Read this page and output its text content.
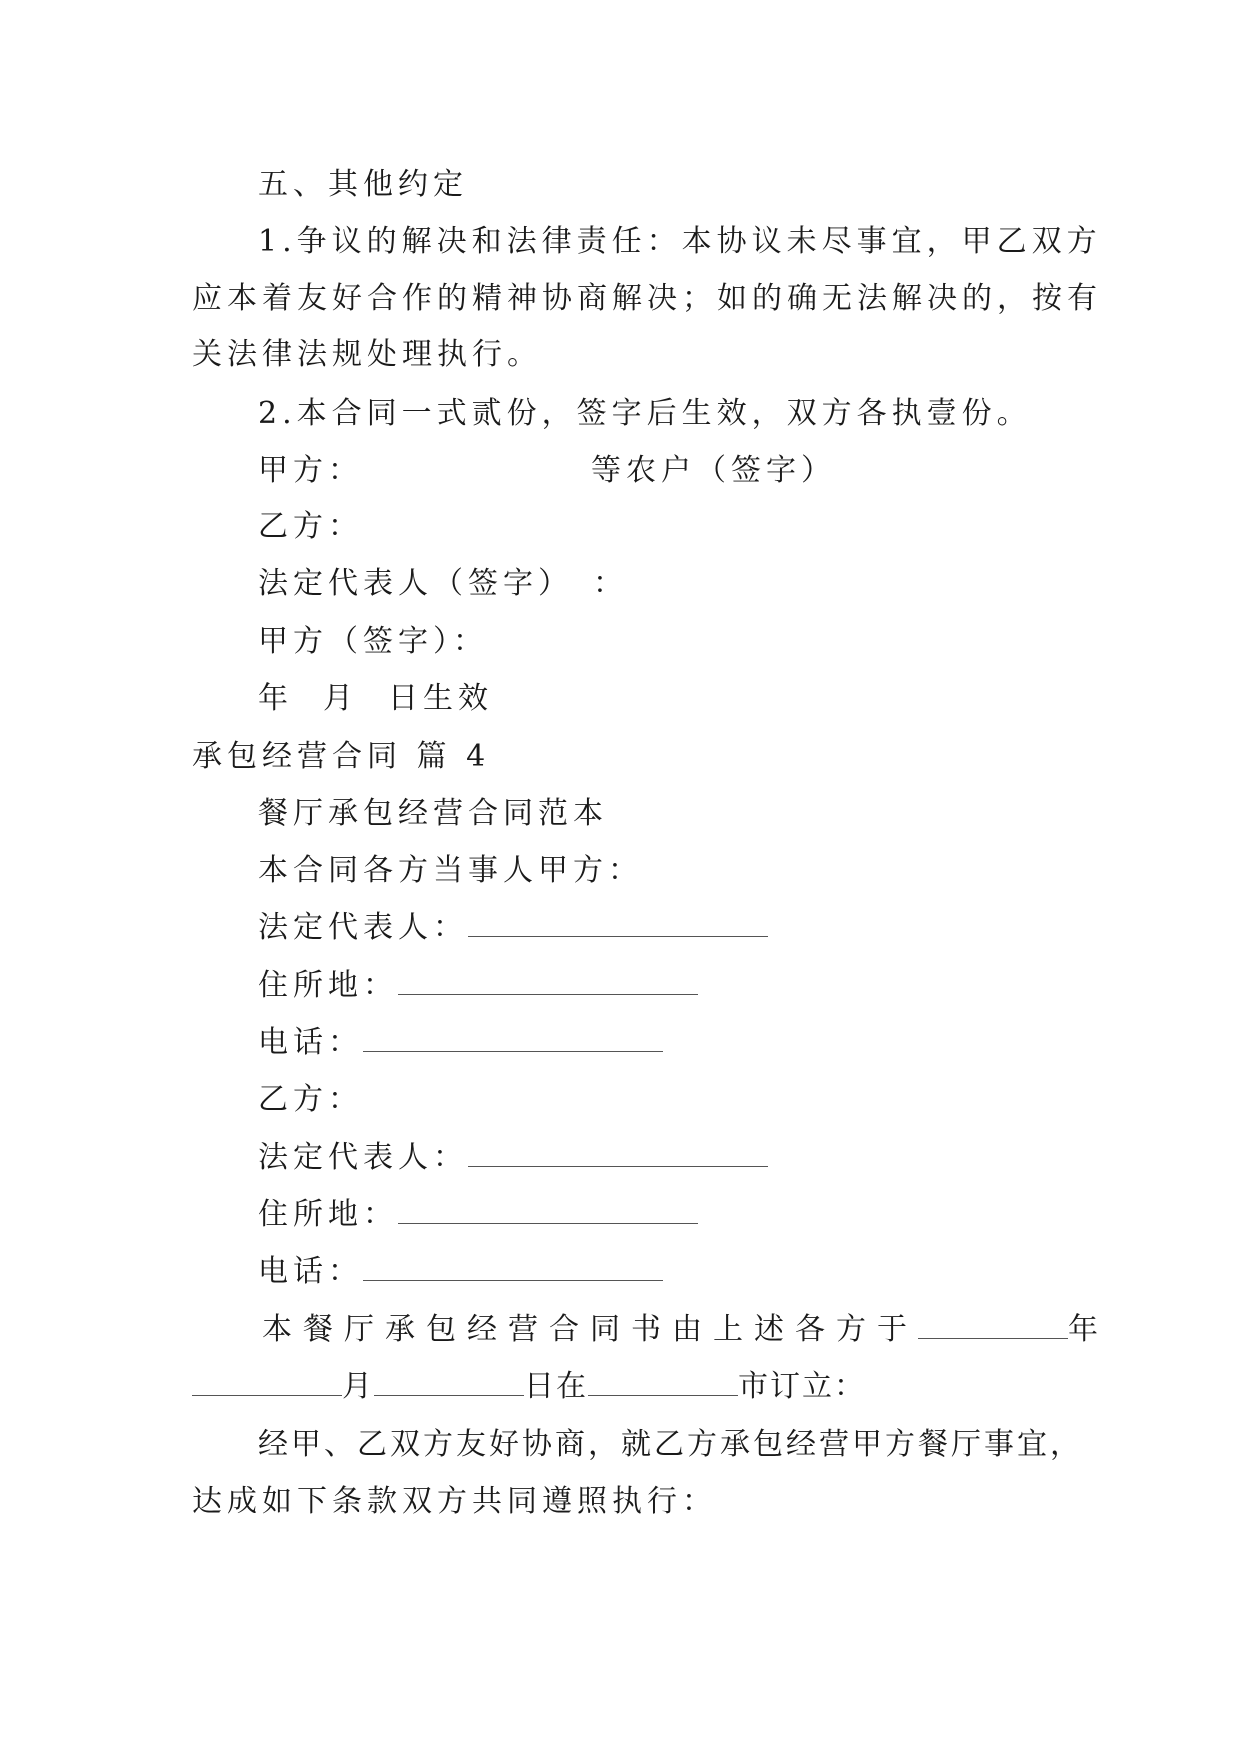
五、其他约定
1.争议的解决和法律责任：本协议未尽事宜，甲乙双方
应本着友好合作的精神协商解决；如的确无法解决的，按有
关法律法规处理执行。
2.本合同一式贰份，签字后生效，双方各执壹份。
甲方：	等农户（签字）
乙方：
法定代表人（签字）　：
甲方（签字）：
年 月 日生效
承包经营合同 篇 4
餐厅承包经营合同范本
本合同各方当事人甲方：
法定代表人：
住所地：
电话：
乙方：
法定代表人：
住所地：
电话：
本餐厅承包经营合同书由上述各方于	年
月	日在	市订立：
经甲、乙双方友好协商，就乙方承包经营甲方餐厅事宜，
达成如下条款双方共同遵照执行：
